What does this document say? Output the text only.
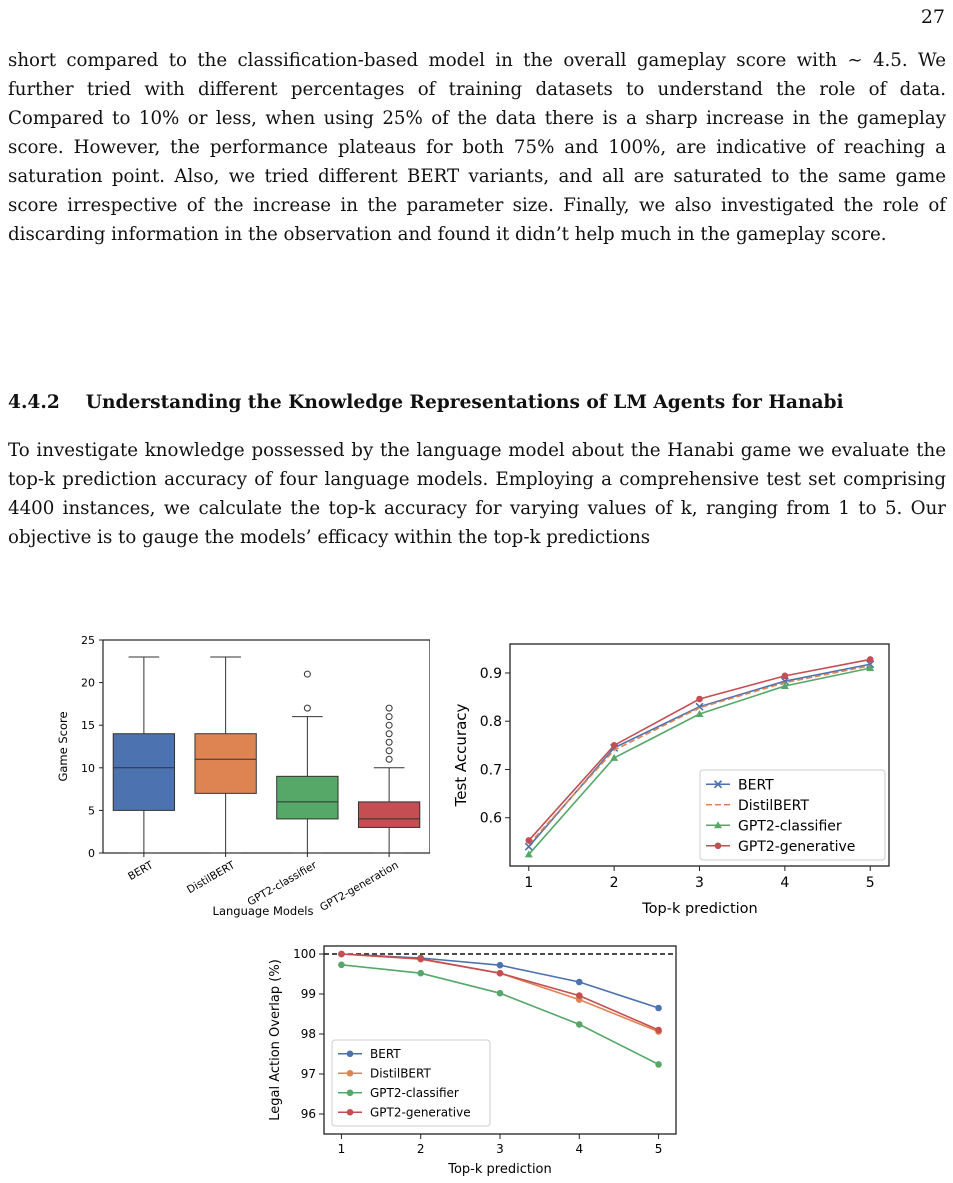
27

short compared to the classification-based model in the overall gameplay score with ∼ 4.5. We further tried with different percentages of training datasets to understand the role of data. Compared to 10% or less, when using 25% of the data there is a sharp increase in the gameplay score. However, the performance plateaus for both 75% and 100%, are indicative of reaching a saturation point. Also, we tried different BERT variants, and all are saturated to the same game score irrespective of the increase in the parameter size. Finally, we also investigated the role of discarding information in the observation and found it didn’t help much in the gameplay score.

4.4.2 Understanding the Knowledge Representations of LM Agents for Hanabi

To investigate knowledge possessed by the language model about the Hanabi game we evaluate the top-k prediction accuracy of four language models. Employing a comprehensive test set comprising 4400 instances, we calculate the top-k accuracy for varying values of k, ranging from 1 to 5. Our objective is to gauge the models’ efficacy within the top-k predictions

0
5
10
15
20
25
BERT	DistilBERT GPT2-classifier GPT2-generation
Game Score
Language Models
0.6
0.7
0.8
0.9
1	2	3	4	5
BERT
DistilBERT
GPT2-classifier
GPT2-generative
Test Accuracy
Top-k prediction
96
97
98
99
100
1	2	3	4	5
BERT
DistilBERT
GPT2-classifier
GPT2-generative
Legal Action Overlap (%)
Top-k prediction
